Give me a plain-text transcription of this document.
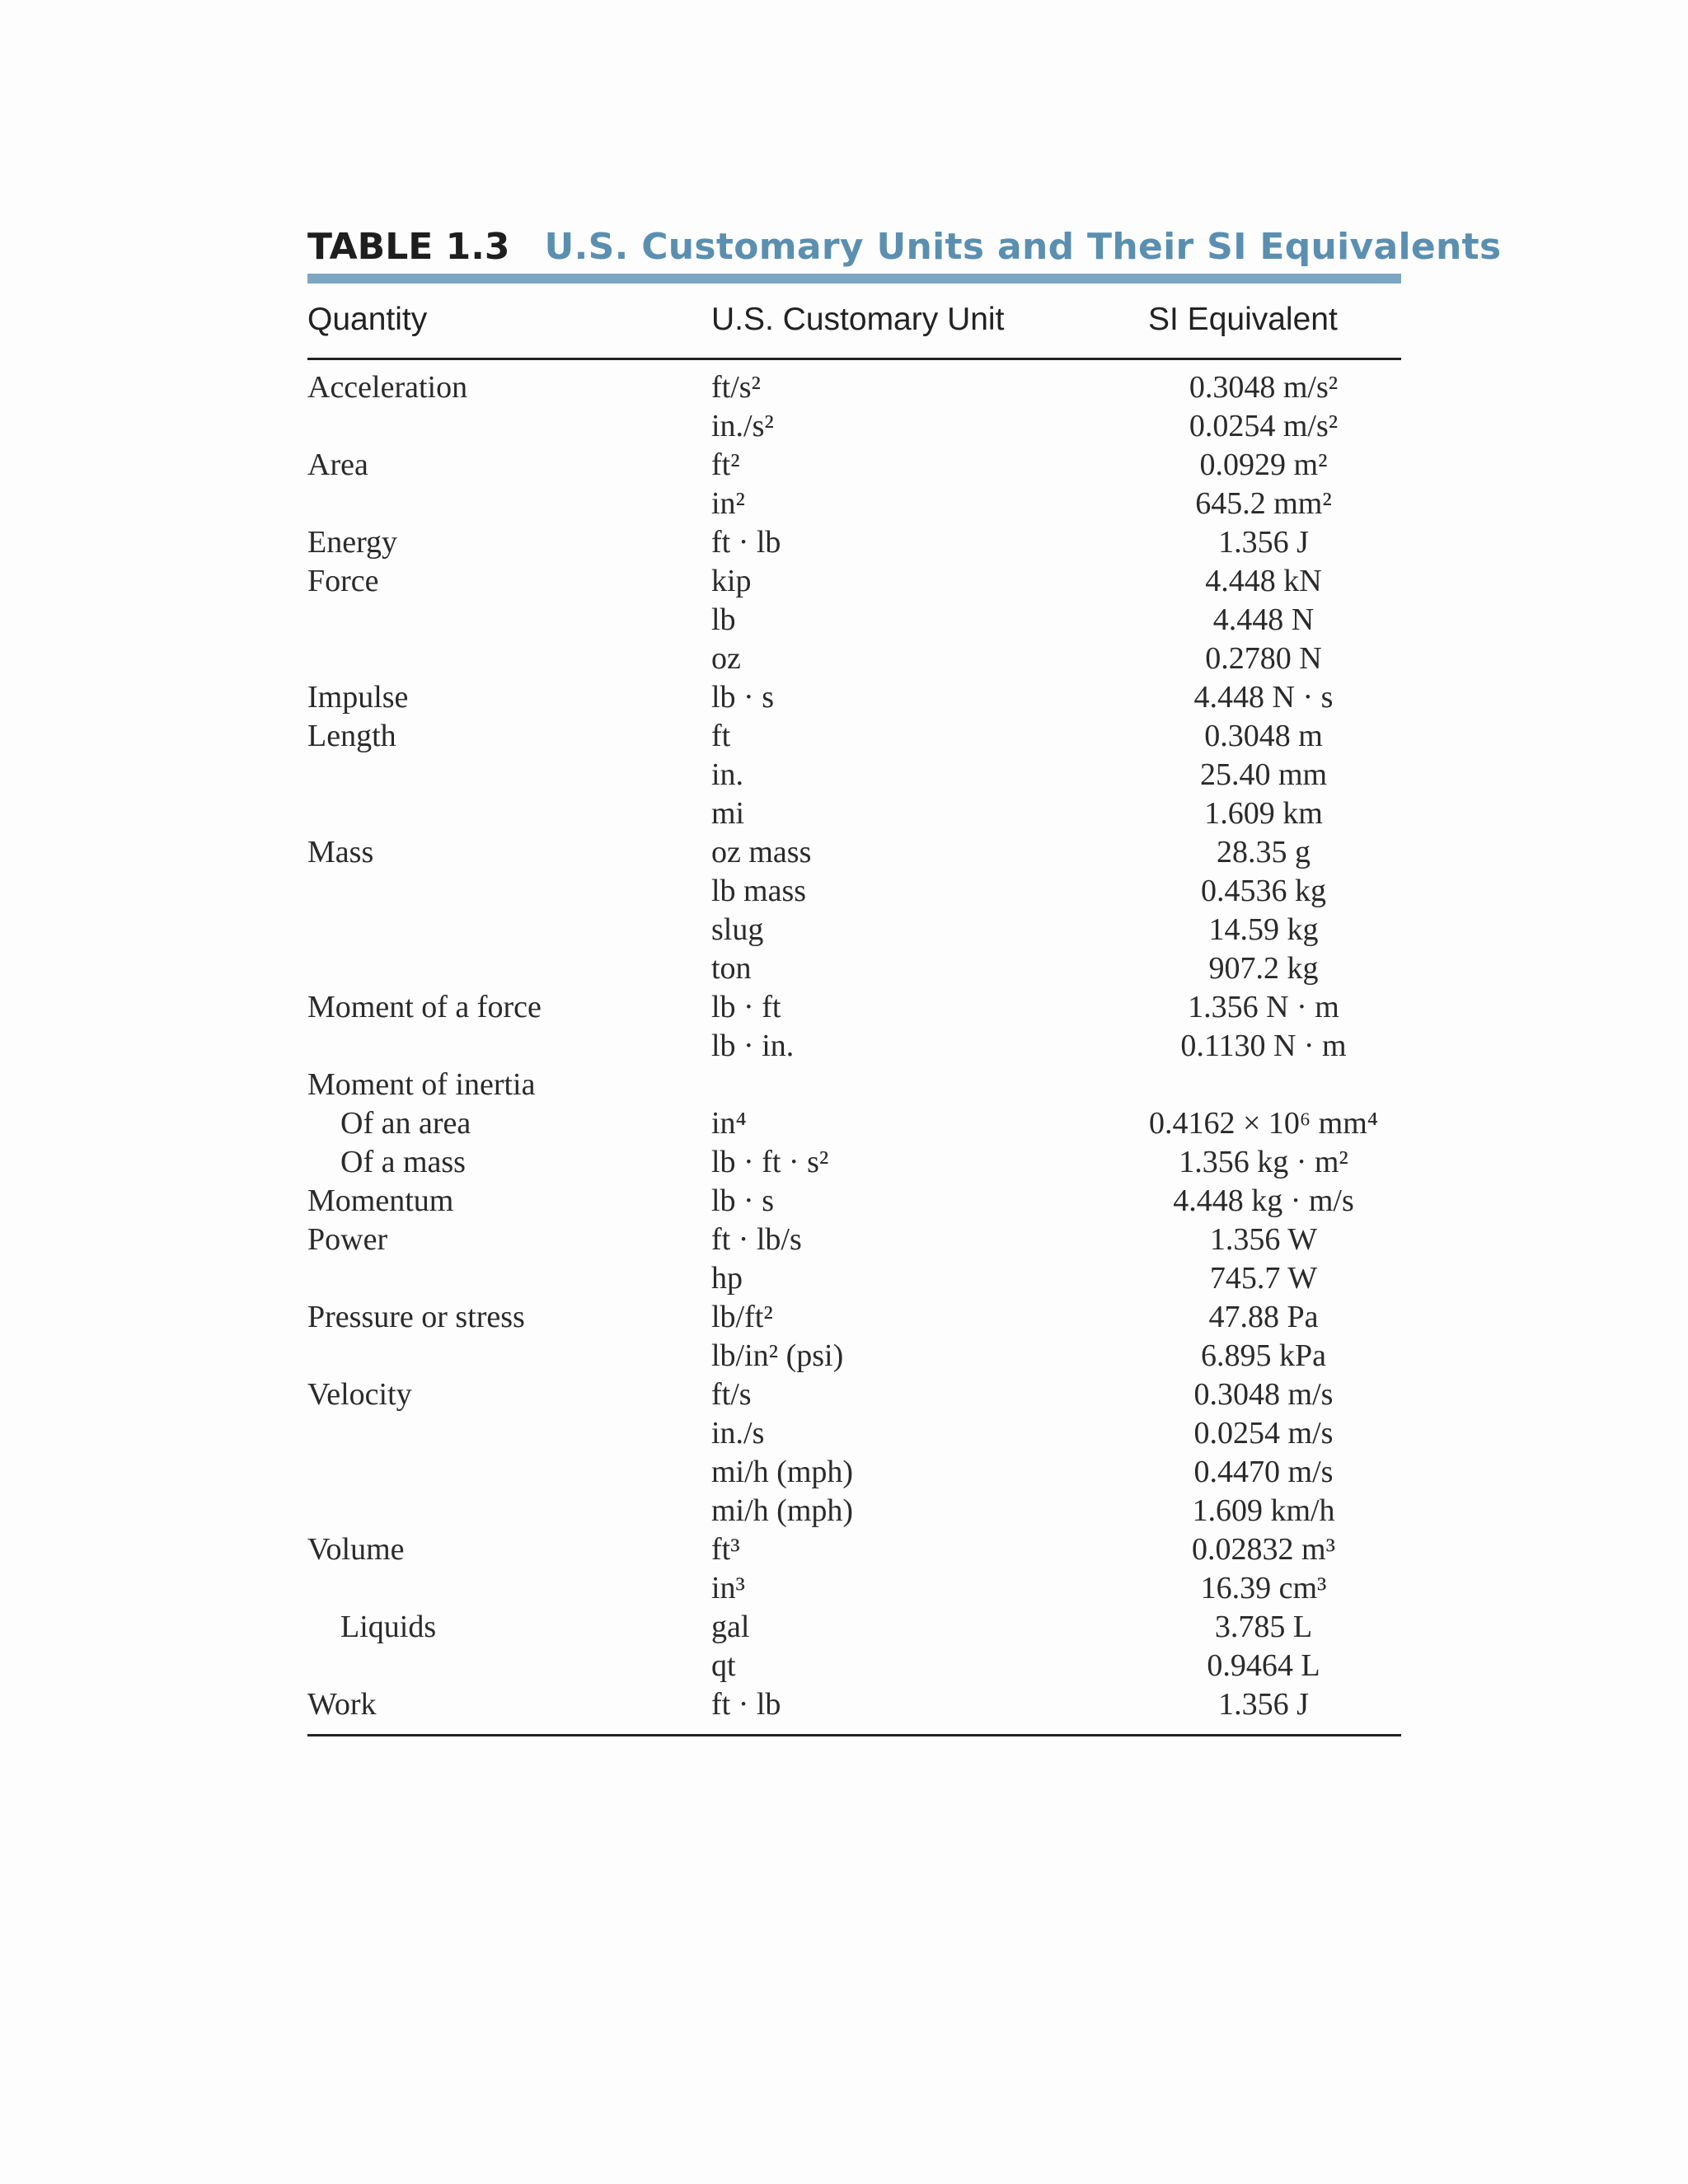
TABLE 1.3 U.S. Customary Units and Their SI Equivalents
Quantity	U.S. Customary Unit	SI Equivalent
Acceleration	ft/s²	0.3048 m/s²
in./s²	0.0254 m/s²
Area	ft²	0.0929 m²
in²	645.2 mm²
Energy	ft · lb	1.356 J
Force	kip	4.448 kN
lb	4.448 N
oz	0.2780 N
Impulse	lb · s	4.448 N · s
Length	ft	0.3048 m
in.	25.40 mm
mi	1.609 km
Mass	oz mass	28.35 g
lb mass	0.4536 kg
slug	14.59 kg
ton	907.2 kg
Moment of a force	lb · ft	1.356 N · m
lb · in.	0.1130 N · m
Moment of inertia
Of an area	in⁴	0.4162 × 10⁶ mm⁴
Of a mass	lb · ft · s²	1.356 kg · m²
Momentum	lb · s	4.448 kg · m/s
Power	ft · lb/s	1.356 W
hp	745.7 W
Pressure or stress	lb/ft²	47.88 Pa
lb/in² (psi)	6.895 kPa
Velocity	ft/s	0.3048 m/s
in./s	0.0254 m/s
mi/h (mph)	0.4470 m/s
mi/h (mph)	1.609 km/h
Volume	ft³	0.02832 m³
in³	16.39 cm³
Liquids	gal	3.785 L
qt	0.9464 L
Work	ft · lb	1.356 J
